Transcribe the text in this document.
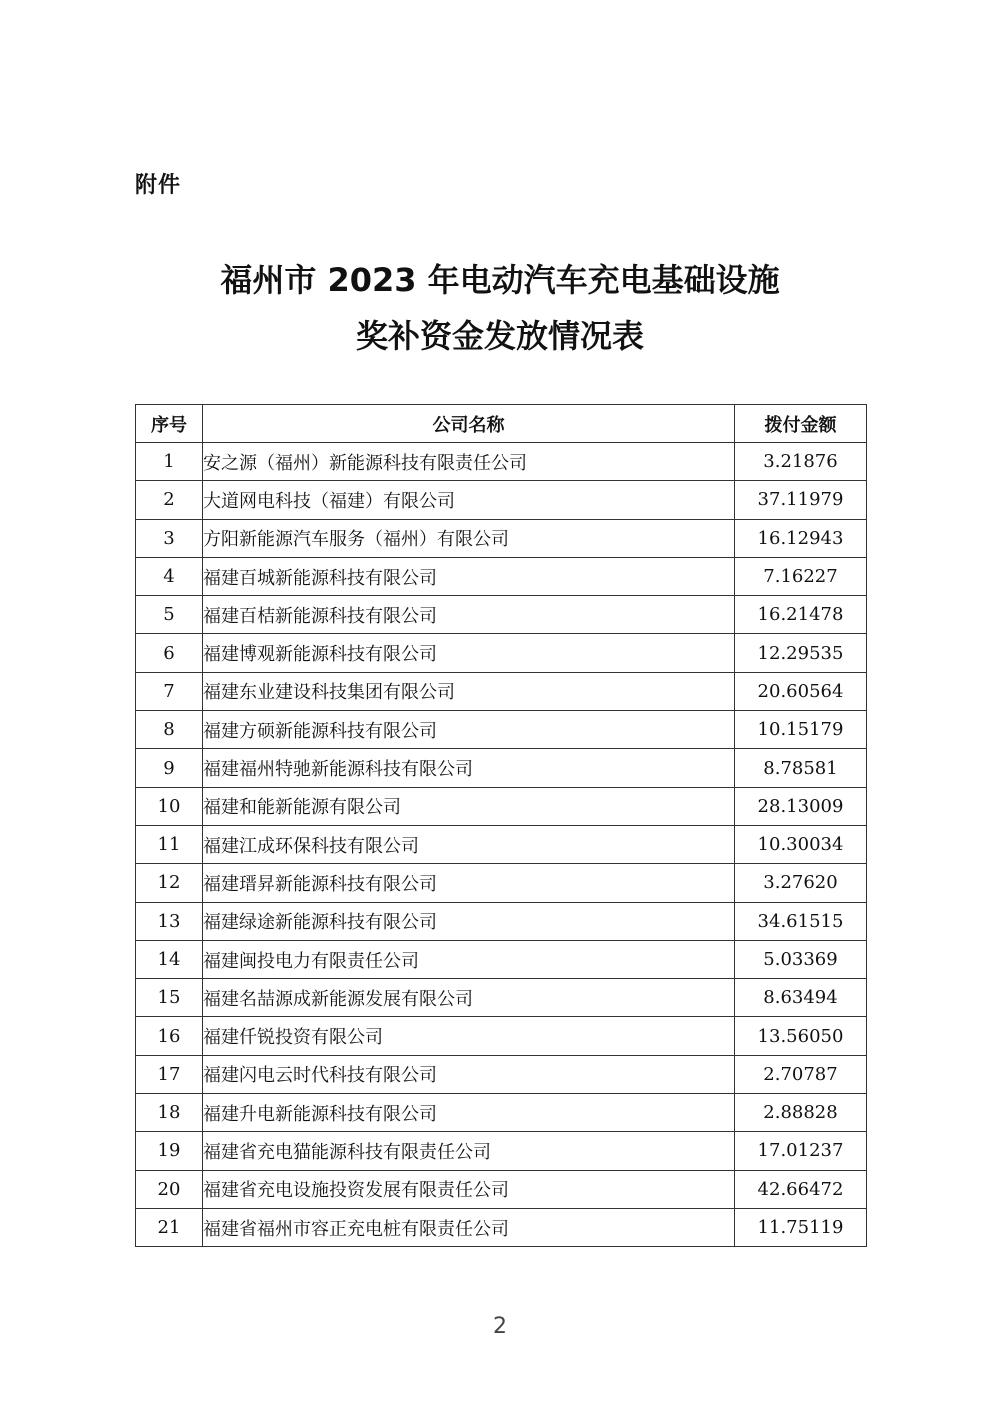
附件
福州市 2023 年电动汽车充电基础设施
奖补资金发放情况表
序号	公司名称	拨付金额
1	安之源（福州）新能源科技有限责任公司	3.21876
2	大道网电科技（福建）有限公司	37.11979
3	方阳新能源汽车服务（福州）有限公司	16.12943
4	福建百城新能源科技有限公司	7.16227
5	福建百桔新能源科技有限公司	16.21478
6	福建博观新能源科技有限公司	12.29535
7	福建东业建设科技集团有限公司	20.60564
8	福建方硕新能源科技有限公司	10.15179
9	福建福州特驰新能源科技有限公司	8.78581
10	福建和能新能源有限公司	28.13009
11	福建江成环保科技有限公司	10.30034
12	福建瑨昇新能源科技有限公司	3.27620
13	福建绿途新能源科技有限公司	34.61515
14	福建闽投电力有限责任公司	5.03369
15	福建名喆源成新能源发展有限公司	8.63494
16	福建仟锐投资有限公司	13.56050
17	福建闪电云时代科技有限公司	2.70787
18	福建升电新能源科技有限公司	2.88828
19	福建省充电猫能源科技有限责任公司	17.01237
20	福建省充电设施投资发展有限责任公司	42.66472
21	福建省福州市容正充电桩有限责任公司	11.75119
2
